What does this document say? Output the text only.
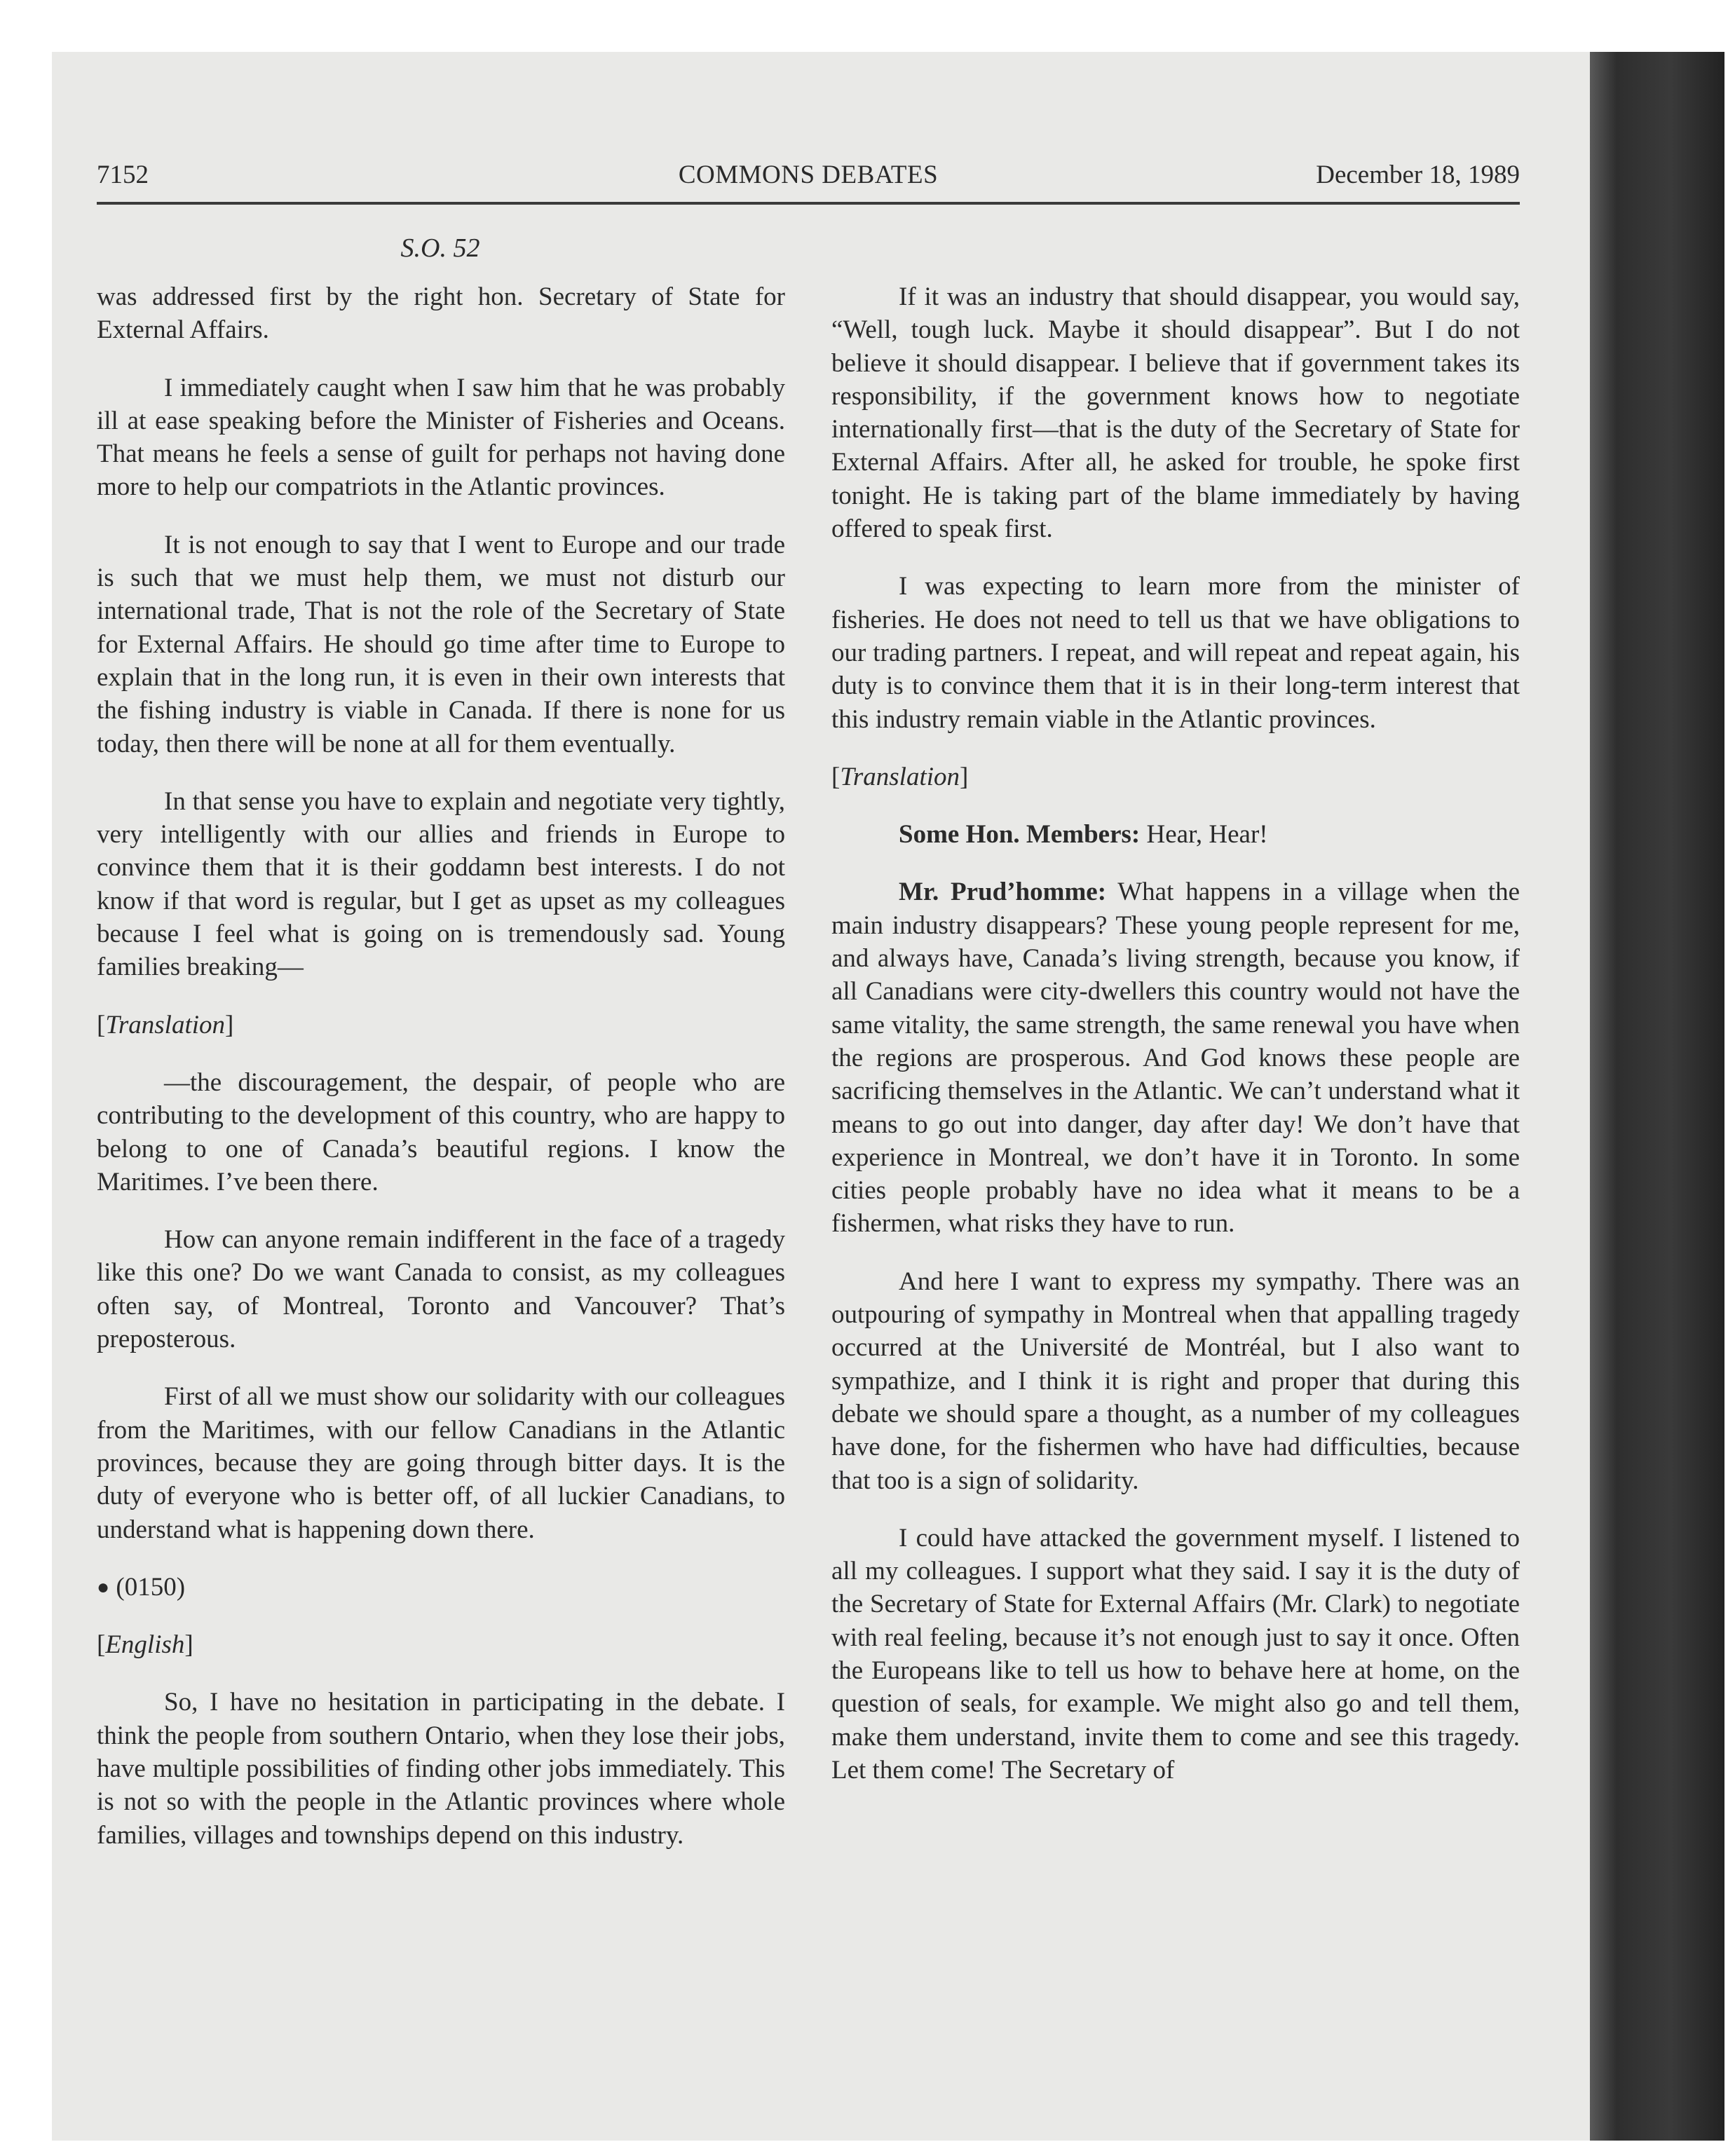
7152	COMMONS DEBATES	December 18, 1989
S.O. 52

was addressed first by the right hon. Secretary of State for External Affairs.

I immediately caught when I saw him that he was probably ill at ease speaking before the Minister of Fisheries and Oceans. That means he feels a sense of guilt for perhaps not having done more to help our compatriots in the Atlantic provinces.

It is not enough to say that I went to Europe and our trade is such that we must help them, we must not disturb our international trade, That is not the role of the Secretary of State for External Affairs. He should go time after time to Europe to explain that in the long run, it is even in their own interests that the fishing industry is viable in Canada. If there is none for us today, then there will be none at all for them eventually.

In that sense you have to explain and negotiate very tightly, very intelligently with our allies and friends in Europe to convince them that it is their goddamn best interests. I do not know if that word is regular, but I get as upset as my colleagues because I feel what is going on is tremendously sad. Young families breaking—

[Translation]

—the discouragement, the despair, of people who are contributing to the development of this country, who are happy to belong to one of Canada’s beautiful regions. I know the Maritimes. I’ve been there.

How can anyone remain indifferent in the face of a tragedy like this one? Do we want Canada to consist, as my colleagues often say, of Montreal, Toronto and Vancouver? That’s preposterous.

First of all we must show our solidarity with our colleagues from the Maritimes, with our fellow Canadians in the Atlantic provinces, because they are going through bitter days. It is the duty of everyone who is better off, of all luckier Canadians, to understand what is happening down there.

● (0150)

[English]

So, I have no hesitation in participating in the debate. I think the people from southern Ontario, when they lose their jobs, have multiple possibilities of finding other jobs immediately. This is not so with the people in the Atlantic provinces where whole families, villages and townships depend on this industry.

If it was an industry that should disappear, you would say, “Well, tough luck. Maybe it should disappear”. But I do not believe it should disappear. I believe that if government takes its responsibility, if the government knows how to negotiate internationally first—that is the duty of the Secretary of State for External Affairs. After all, he asked for trouble, he spoke first tonight. He is taking part of the blame immediately by having offered to speak first.

I was expecting to learn more from the minister of fisheries. He does not need to tell us that we have obligations to our trading partners. I repeat, and will repeat and repeat again, his duty is to convince them that it is in their long-term interest that this industry remain viable in the Atlantic provinces.

[Translation]

Some Hon. Members: Hear, Hear!

Mr. Prud’homme: What happens in a village when the main industry disappears? These young people represent for me, and always have, Canada’s living strength, because you know, if all Canadians were city-dwellers this country would not have the same vitality, the same strength, the same renewal you have when the regions are prosperous. And God knows these people are sacrificing themselves in the Atlantic. We can’t understand what it means to go out into danger, day after day! We don’t have that experience in Montreal, we don’t have it in Toronto. In some cities people probably have no idea what it means to be a fishermen, what risks they have to run.

And here I want to express my sympathy. There was an outpouring of sympathy in Montreal when that appalling tragedy occurred at the Université de Montréal, but I also want to sympathize, and I think it is right and proper that during this debate we should spare a thought, as a number of my colleagues have done, for the fishermen who have had difficulties, because that too is a sign of solidarity.

I could have attacked the government myself. I listened to all my colleagues. I support what they said. I say it is the duty of the Secretary of State for External Affairs (Mr. Clark) to negotiate with real feeling, because it’s not enough just to say it once. Often the Europeans like to tell us how to behave here at home, on the question of seals, for example. We might also go and tell them, make them understand, invite them to come and see this tragedy. Let them come! The Secretary of
